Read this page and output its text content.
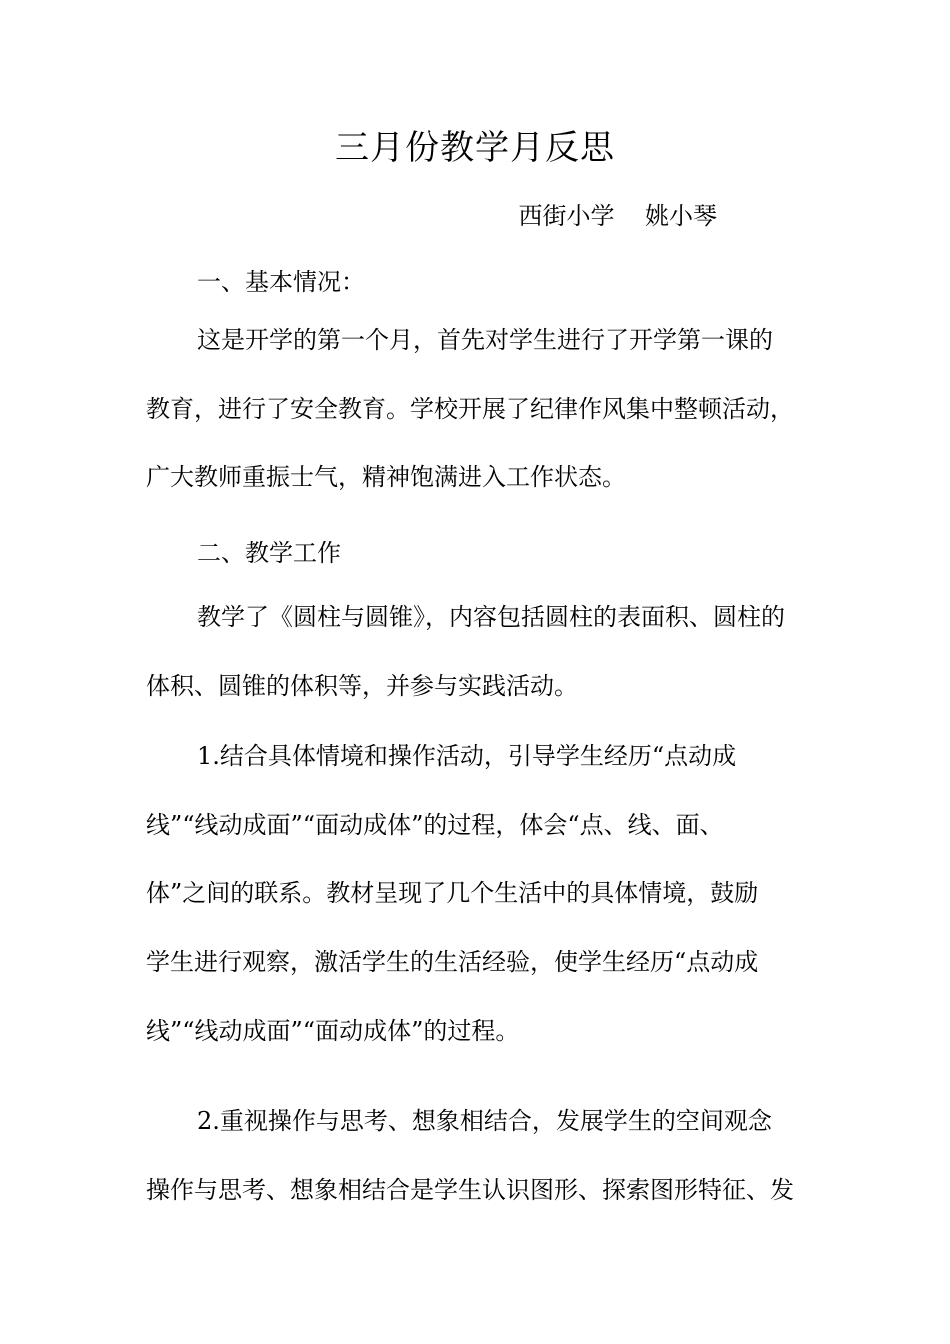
三月份教学月反思
西街小学    姚小琴
一、基本情况：
这是开学的第一个月，首先对学生进行了开学第一课的
教育，进行了安全教育。学校开展了纪律作风集中整顿活动，
广大教师重振士气，精神饱满进入工作状态。
二、教学工作
教学了《圆柱与圆锥》，内容包括圆柱的表面积、圆柱的
体积、圆锥的体积等，并参与实践活动。
1.结合具体情境和操作活动，引导学生经历“点动成
线”“线动成面”“面动成体”的过程，体会“点、线、面、
体”之间的联系。教材呈现了几个生活中的具体情境，鼓励
学生进行观察，激活学生的生活经验，使学生经历“点动成
线”“线动成面”“面动成体”的过程。
2.重视操作与思考、想象相结合，发展学生的空间观念
操作与思考、想象相结合是学生认识图形、探索图形特征、发
